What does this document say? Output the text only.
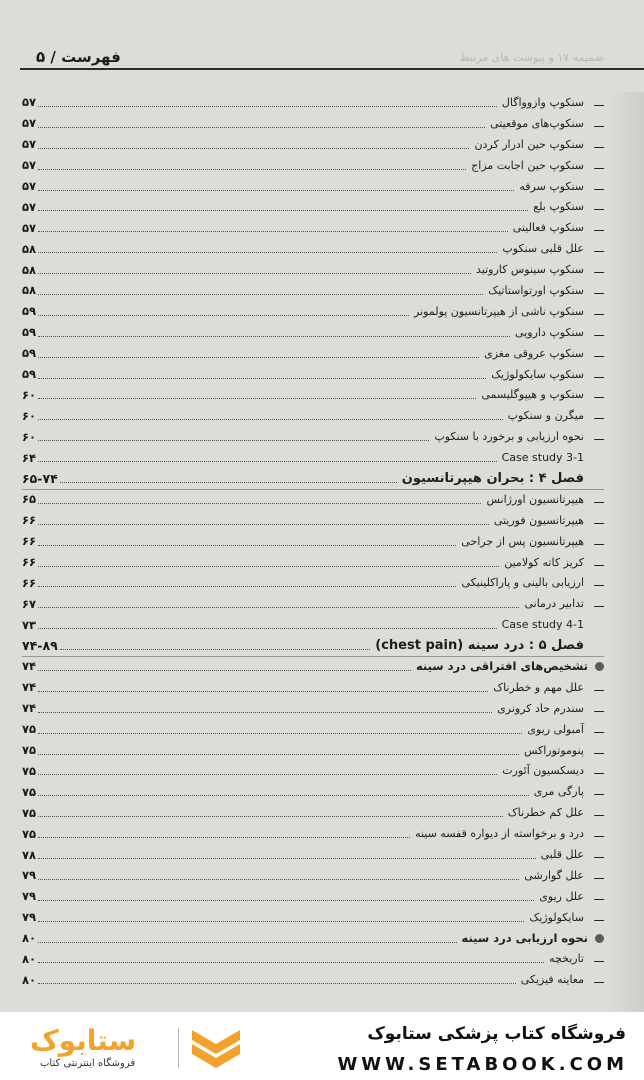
فهرست / ۵	ضمیمه ۱۷ و پیوست های مرتبط
ـــ
سنکوپ وازوواگال
۵۷
ـــ
سنکوپ‌های موقعیتی
۵۷
ـــ
سنکوپ حین ادرار کردن
۵۷
ـــ
سنکوپ حین اجابت مزاج
۵۷
ـــ
سنکوپ سرفه
۵۷
ـــ
سنکوپ بلع
۵۷
ـــ
سنکوپ فعالیتی
۵۷
ـــ
علل قلبی سنکوپ
۵۸
ـــ
سنکوپ سینوس کاروتید
۵۸
ـــ
سنکوپ اورتواستاتیک
۵۸
ـــ
سنکوپ ناشی از هیپرتانسیون پولمونر
۵۹
ـــ
سنکوپ دارویی
۵۹
ـــ
سنکوپ عروقی مغزی
۵۹
ـــ
سنکوپ سایکولوژیک
۵۹
ـــ
سنکوپ و هیپوگلیسمی
۶۰
ـــ
میگرن و سنکوپ
۶۰
ـــ
نحوه ارزیابی و برخورد با سنکوپ
۶۰
Case study 3-1
۶۴
فصل ۴ : بحران هیپرتانسیون
۶۵-۷۴
ـــ
هیپرتانسیون اورژانس
۶۵
ـــ
هیپرتانسیون فوریتی
۶۶
ـــ
هیپرتانسیون پس از جراحی
۶۶
ـــ
کریز کاته کولامین
۶۶
ـــ
ارزیابی بالینی و پاراکلینیکی
۶۶
ـــ
تدابیر درمانی
۶۷
Case study 4-1
۷۳
فصل ۵ : درد سینه (chest pain)
۷۴-۸۹
تشخیص‌های افتراقی درد سینه
۷۴
ـــ
علل مهم و خطرناک
۷۴
ـــ
سندرم حاد کرونری
۷۴
ـــ
آمبولی ریوی
۷۵
ـــ
پنوموتوراکس
۷۵
ـــ
دیسکسیون آئورت
۷۵
ـــ
پارگی مری
۷۵
ـــ
علل کم خطرناک
۷۵
ـــ
درد و برخواسته از دیواره قفسه سینه
۷۵
ـــ
علل قلبی
۷۸
ـــ
علل گوارشی
۷۹
ـــ
علل ریوی
۷۹
ـــ
سایکولوژیک
۷۹
نحوه ارزیابی درد سینه
۸۰
ـــ
تاریخچه
۸۰
ـــ
معاینه فیزیکی
۸۰
ستابوک
فروشگاه اینترنتی کتاب
فروشگاه کتاب پزشکی ستابوک
WWW.SETABOOK.COM
